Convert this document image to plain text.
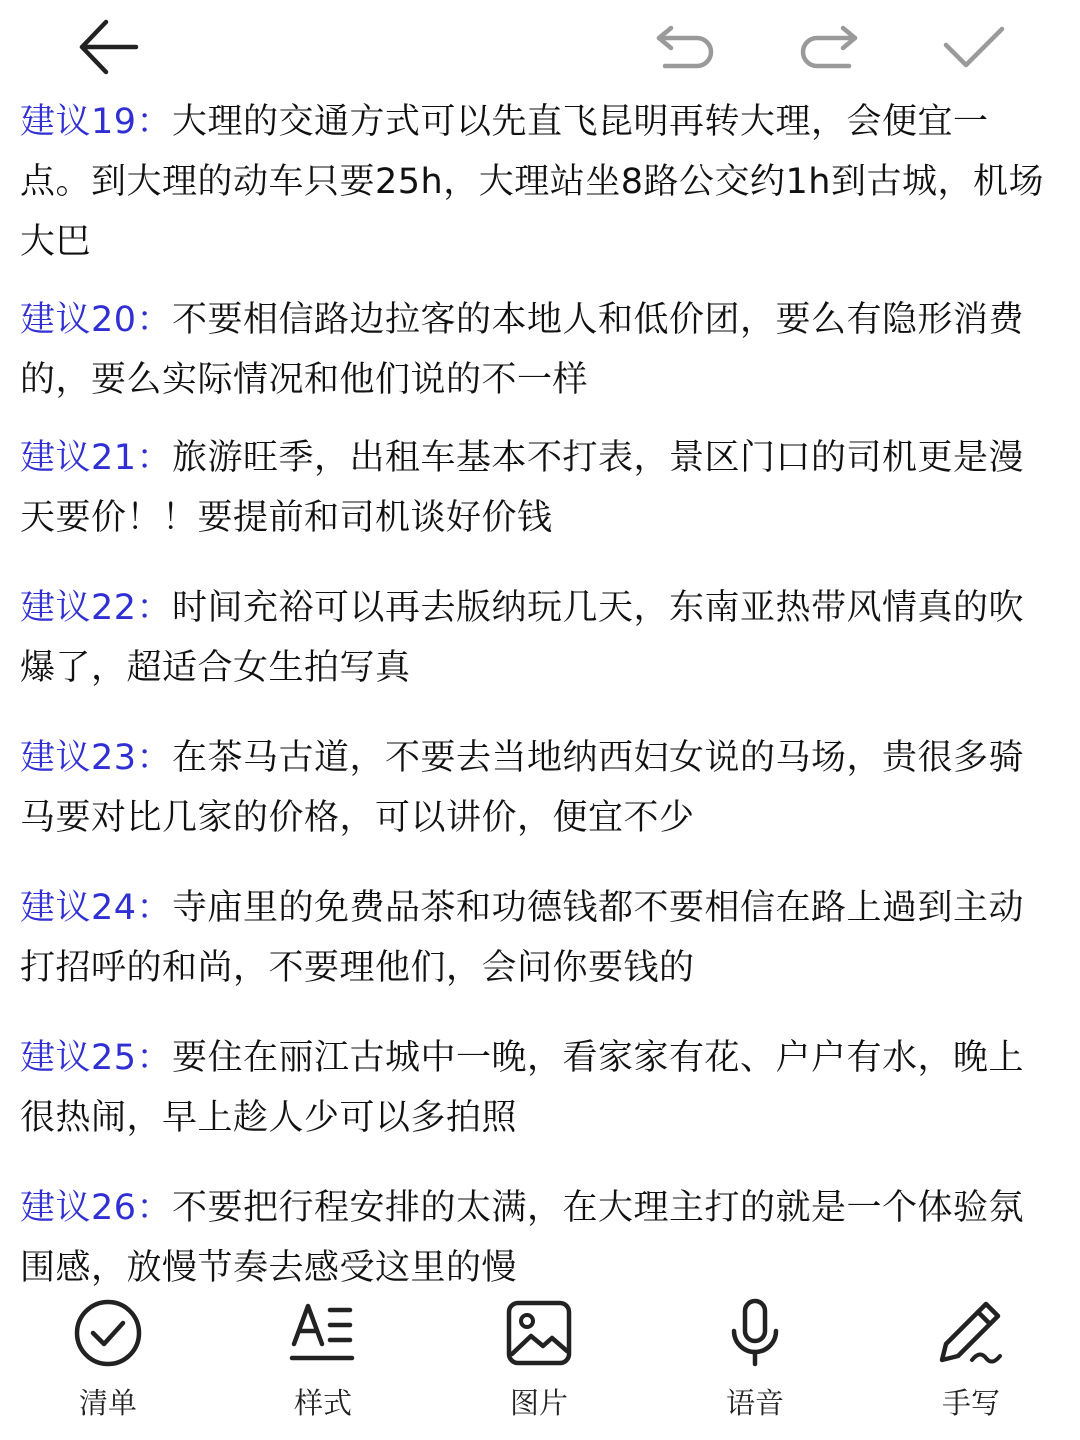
建议19：大理的交通方式可以先直飞昆明再转大理，会便宜一点。到大理的动车只要25h，大理站坐8路公交约1h到古城，机场大巴

建议20：不要相信路边拉客的本地人和低价团，要么有隐形消费的，要么实际情况和他们说的不一样

建议21：旅游旺季，出租车基本不打表，景区门口的司机更是漫天要价！！要提前和司机谈好价钱

建议22：时间充裕可以再去版纳玩几天，东南亚热带风情真的吹爆了，超适合女生拍写真

建议23：在茶马古道，不要去当地纳西妇女说的马场，贵很多骑马要对比几家的价格，可以讲价，便宜不少

建议24：寺庙里的免费品茶和功德钱都不要相信在路上過到主动打招呼的和尚，不要理他们，会问你要钱的

建议25：要住在丽江古城中一晚，看家家有花、户户有水，晚上很热闹，早上趁人少可以多拍照

建议26：不要把行程安排的太满，在大理主打的就是一个体验氛围感，放慢节奏去感受这里的慢

清单	样式	图片	语音	手写
